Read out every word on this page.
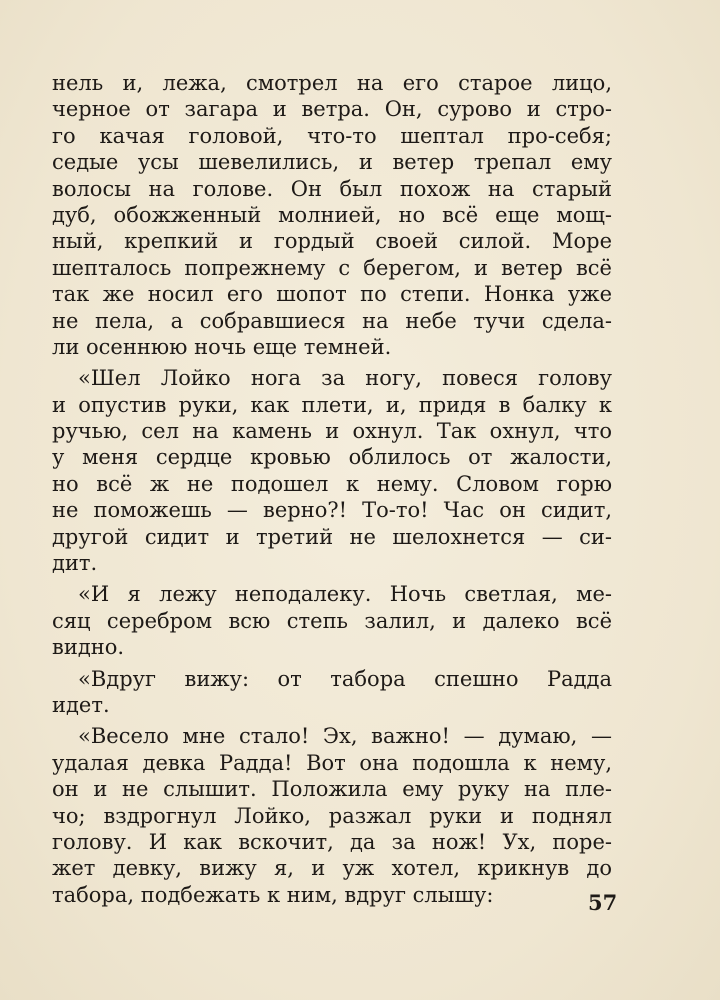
нель и, лежа, смотрел на его старое лицо,
черное от загара и ветра. Он, сурово и стро-
го качая головой, что-то шептал про-себя;
седые усы шевелились, и ветер трепал ему
волосы на голове. Он был похож на старый
дуб, обожженный молнией, но всё еще мощ-
ный, крепкий и гордый своей силой. Море
шепталось попрежнему с берегом, и ветер всё
так же носил его шопот по степи. Нонка уже
не пела, а собравшиеся на небе тучи сдела-
ли осеннюю ночь еще темней.
«Шел Лойко нога за ногу, повеся голову
и опустив руки, как плети, и, придя в балку к
ручью, сел на камень и охнул. Так охнул, что
у меня сердце кровью облилось от жалости,
но всё ж не подошел к нему. Словом горю
не поможешь — верно?! То-то! Час он сидит,
другой сидит и третий не шелохнется — си-
дит.
«И я лежу неподалеку. Ночь светлая, ме-
сяц серебром всю степь залил, и далеко всё
видно.
«Вдруг вижу: от табора спешно Радда
идет.
«Весело мне стало! Эх, важно! — думаю, —
удалая девка Радда! Вот она подошла к нему,
он и не слышит. Положила ему руку на пле-
чо; вздрогнул Лойко, разжал руки и поднял
голову. И как вскочит, да за нож! Ух, поре-
жет девку, вижу я, и уж хотел, крикнув до
табора, подбежать к ним, вдруг слышу:	57
